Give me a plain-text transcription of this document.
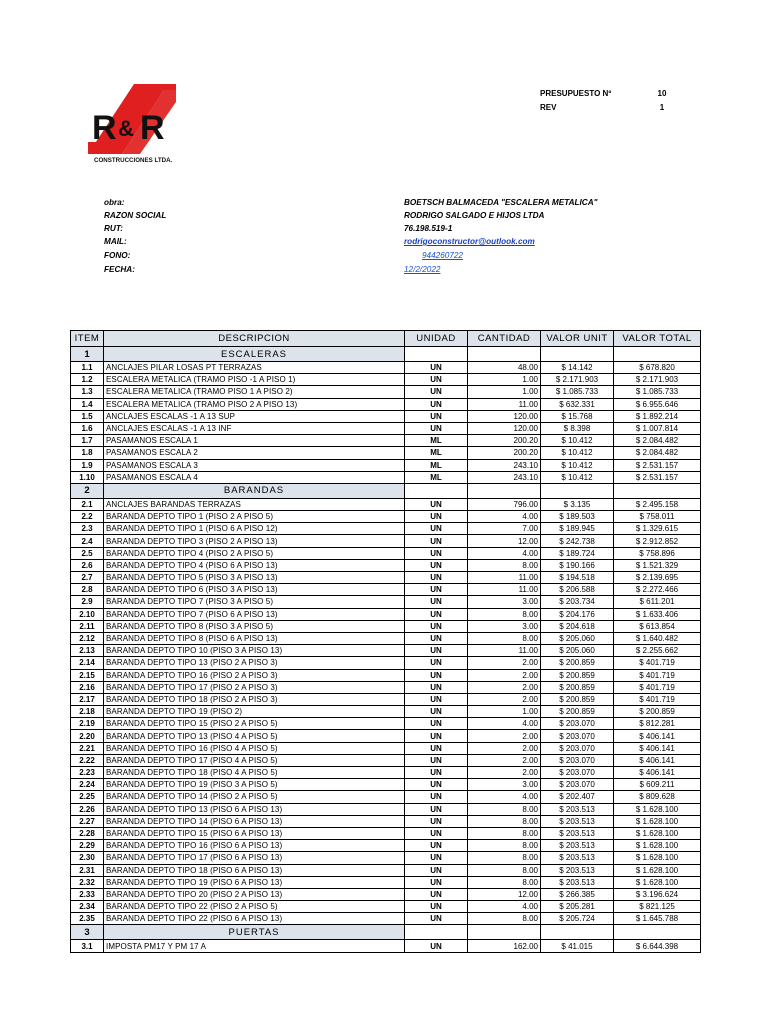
PRESUPUESTO Nº	10
REV	1
R & R
CONSTRUCCIONES LTDA.
obra:	BOETSCH BALMACEDA "ESCALERA METALICA"
RAZON SOCIAL	RODRIGO SALGADO E HIJOS LTDA
RUT:	76.198.519-1
MAIL:	rodrigoconstructor@outlook.com
FONO:	944260722
FECHA:	12/2/2022
ITEM	DESCRIPCION	UNIDAD	CANTIDAD	VALOR UNIT	VALOR TOTAL
1	ESCALERAS				
1.1	ANCLAJES PILAR LOSAS PT TERRAZAS	UN	48.00	$ 14.142	$ 678.820
1.2	ESCALERA METALICA (TRAMO PISO -1 A PISO 1)	UN	1.00	$ 2.171.903	$ 2.171.903
1.3	ESCALERA METALICA (TRAMO PISO 1 A PISO 2)	UN	1.00	$ 1.085.733	$ 1.085.733
1.4	ESCALERA METALICA (TRAMO PISO 2 A PISO 13)	UN	11.00	$ 632.331	$ 6.955.646
1.5	ANCLAJES ESCALAS -1 A 13 SUP	UN	120.00	$ 15.768	$ 1.892.214
1.6	ANCLAJES ESCALAS -1 A 13 INF	UN	120.00	$ 8.398	$ 1.007.814
1.7	PASAMANOS ESCALA 1	ML	200.20	$ 10.412	$ 2.084.482
1.8	PASAMANOS ESCALA 2	ML	200.20	$ 10.412	$ 2.084.482
1.9	PASAMANOS ESCALA 3	ML	243.10	$ 10.412	$ 2.531.157
1.10	PASAMANOS ESCALA 4	ML	243.10	$ 10.412	$ 2.531.157
2	BARANDAS				
2.1	ANCLAJES BARANDAS TERRAZAS	UN	796.00	$ 3.135	$ 2.495.158
2.2	BARANDA DEPTO TIPO 1 (PISO 2 A PISO 5)	UN	4.00	$ 189.503	$ 758.011
2.3	BARANDA DEPTO TIPO 1 (PISO 6 A PISO 12)	UN	7.00	$ 189.945	$ 1.329.615
2.4	BARANDA DEPTO TIPO 3 (PISO 2 A PISO 13)	UN	12.00	$ 242.738	$ 2.912.852
2.5	BARANDA DEPTO TIPO 4 (PISO 2 A PISO 5)	UN	4.00	$ 189.724	$ 758.896
2.6	BARANDA DEPTO TIPO 4 (PISO 6 A PISO 13)	UN	8.00	$ 190.166	$ 1.521.329
2.7	BARANDA DEPTO TIPO 5 (PISO 3 A PISO 13)	UN	11.00	$ 194.518	$ 2.139.695
2.8	BARANDA DEPTO TIPO 6 (PISO 3 A PISO 13)	UN	11.00	$ 206.588	$ 2.272.466
2.9	BARANDA DEPTO TIPO 7 (PISO 3 A PISO 5)	UN	3.00	$ 203.734	$ 611.201
2.10	BARANDA DEPTO TIPO 7 (PISO 6 A PISO 13)	UN	8.00	$ 204.176	$ 1.633.406
2.11	BARANDA DEPTO TIPO 8 (PISO 3 A PISO 5)	UN	3.00	$ 204.618	$ 613.854
2.12	BARANDA DEPTO TIPO 8 (PISO 6 A PISO 13)	UN	8.00	$ 205.060	$ 1.640.482
2.13	BARANDA DEPTO TIPO 10 (PISO 3 A PISO 13)	UN	11.00	$ 205.060	$ 2.255.662
2.14	BARANDA DEPTO TIPO 13 (PISO 2 A PISO 3)	UN	2.00	$ 200.859	$ 401.719
2.15	BARANDA DEPTO TIPO 16 (PISO 2 A PISO 3)	UN	2.00	$ 200.859	$ 401.719
2.16	BARANDA DEPTO TIPO 17 (PISO 2 A PISO 3)	UN	2.00	$ 200.859	$ 401.719
2.17	BARANDA DEPTO TIPO 18 (PISO 2 A PISO 3)	UN	2.00	$ 200.859	$ 401.719
2.18	BARANDA DEPTO TIPO 19 (PISO 2)	UN	1.00	$ 200.859	$ 200.859
2.19	BARANDA DEPTO TIPO 15 (PISO 2 A PISO 5)	UN	4.00	$ 203.070	$ 812.281
2.20	BARANDA DEPTO TIPO 13 (PISO 4 A PISO 5)	UN	2.00	$ 203.070	$ 406.141
2.21	BARANDA DEPTO TIPO 16 (PISO 4 A PISO 5)	UN	2.00	$ 203.070	$ 406.141
2.22	BARANDA DEPTO TIPO 17 (PISO 4 A PISO 5)	UN	2.00	$ 203.070	$ 406.141
2.23	BARANDA DEPTO TIPO 18 (PISO 4 A PISO 5)	UN	2.00	$ 203.070	$ 406.141
2.24	BARANDA DEPTO TIPO 19 (PISO 3 A PISO 5)	UN	3.00	$ 203.070	$ 609.211
2.25	BARANDA DEPTO TIPO 14 (PISO 2 A PISO 5)	UN	4.00	$ 202.407	$ 809.628
2.26	BARANDA DEPTO TIPO 13 (PISO 6 A PISO 13)	UN	8.00	$ 203.513	$ 1.628.100
2.27	BARANDA DEPTO TIPO 14 (PISO 6 A PISO 13)	UN	8.00	$ 203.513	$ 1.628.100
2.28	BARANDA DEPTO TIPO 15 (PISO 6 A PISO 13)	UN	8.00	$ 203.513	$ 1.628.100
2.29	BARANDA DEPTO TIPO 16 (PISO 6 A PISO 13)	UN	8.00	$ 203.513	$ 1.628.100
2.30	BARANDA DEPTO TIPO 17 (PISO 6 A PISO 13)	UN	8.00	$ 203.513	$ 1.628.100
2.31	BARANDA DEPTO TIPO 18 (PISO 6 A PISO 13)	UN	8.00	$ 203.513	$ 1.628.100
2.32	BARANDA DEPTO TIPO 19 (PISO 6 A PISO 13)	UN	8.00	$ 203.513	$ 1.628.100
2.33	BARANDA DEPTO TIPO 20 (PISO 2 A PISO 13)	UN	12.00	$ 266.385	$ 3.196.624
2.34	BARANDA DEPTO TIPO 22 (PISO 2 A PISO 5)	UN	4.00	$ 205.281	$ 821.125
2.35	BARANDA DEPTO TIPO 22 (PISO 6 A PISO 13)	UN	8.00	$ 205.724	$ 1.645.788
3	PUERTAS				
3.1	IMPOSTA PM17 Y PM 17 A	UN	162.00	$ 41.015	$ 6.644.398
